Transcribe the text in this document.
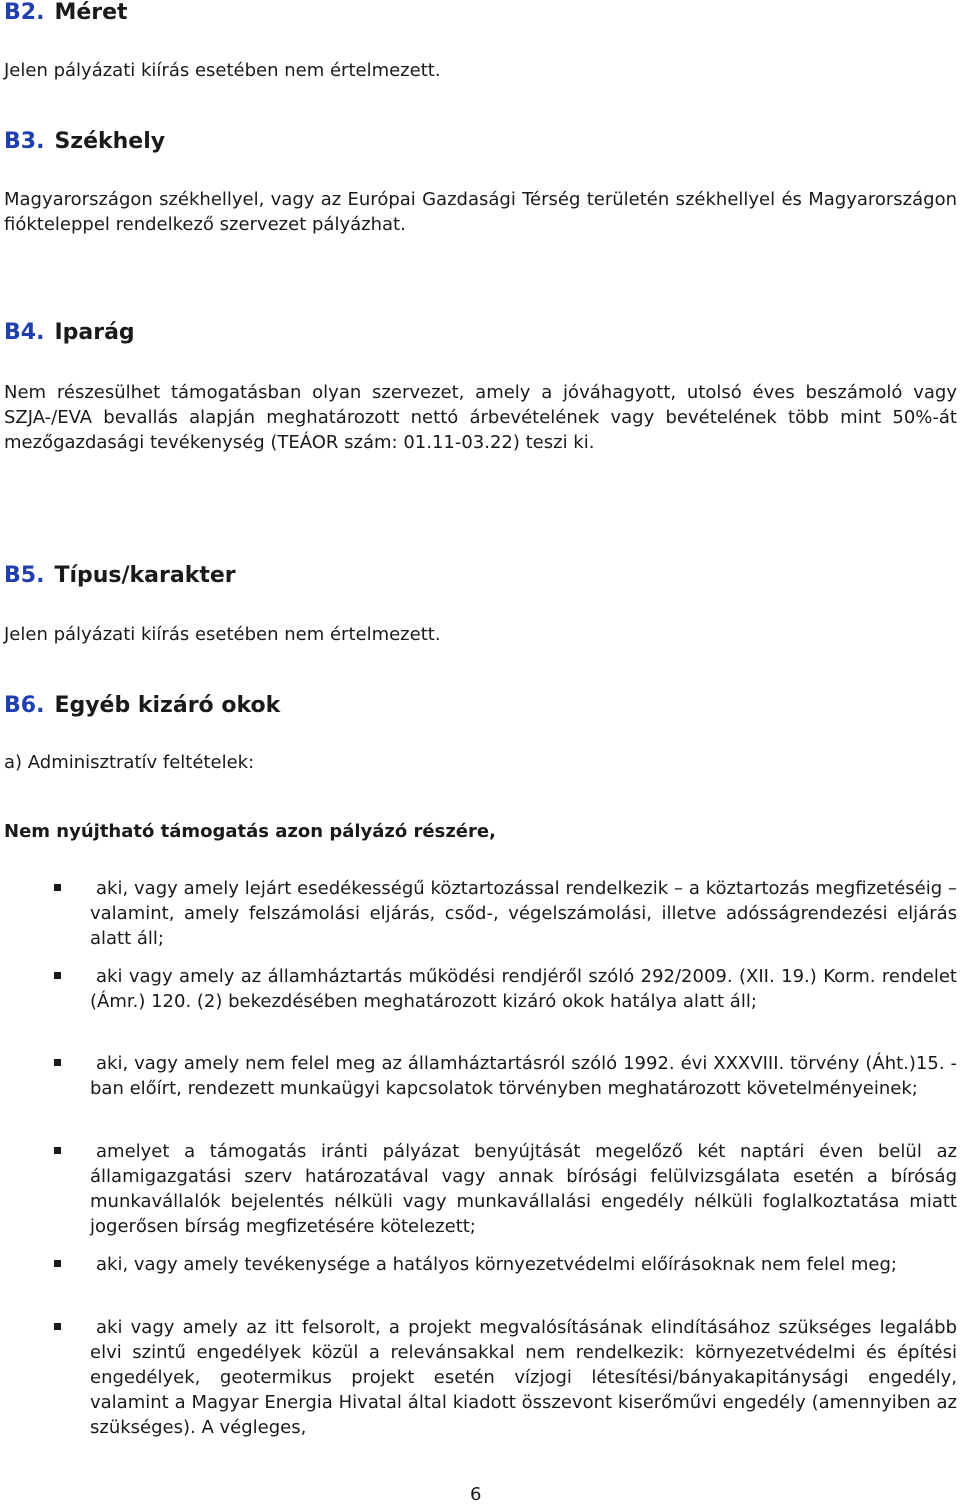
B2. Méret
Jelen pályázati kiírás esetében nem értelmezett.
B3. Székhely
Magyarországon székhellyel, vagy az Európai Gazdasági Térség területén székhellyel és Magyarországon fiókteleppel rendelkező szervezet pályázhat.
B4. Iparág
Nem részesülhet támogatásban olyan szervezet, amely a jóváhagyott, utolsó éves beszámoló vagy SZJA-/EVA bevallás alapján meghatározott nettó árbevételének vagy bevételének több mint 50%-át mezőgazdasági tevékenység (TEÁOR szám: 01.11-03.22) teszi ki.
B5. Típus/karakter
Jelen pályázati kiírás esetében nem értelmezett.
B6. Egyéb kizáró okok
a) Adminisztratív feltételek:
Nem nyújtható támogatás azon pályázó részére,
aki, vagy amely lejárt esedékességű köztartozással rendelkezik – a köztartozás megfizetéséig – valamint, amely felszámolási eljárás, csőd-, végelszámolási, illetve adósságrendezési eljárás alatt áll;
aki vagy amely az államháztartás működési rendjéről szóló 292/2009. (XII. 19.) Korm. rendelet (Ámr.) 120. (2) bekezdésében meghatározott kizáró okok hatálya alatt áll;
aki, vagy amely nem felel meg az államháztartásról szóló 1992. évi XXXVIII. törvény (Áht.)15. -ban előírt, rendezett munkaügyi kapcsolatok törvényben meghatározott követelményeinek;
amelyet a támogatás iránti pályázat benyújtását megelőző két naptári éven belül az államigazgatási szerv határozatával vagy annak bírósági felülvizsgálata esetén a bíróság munkavállalók bejelentés nélküli vagy munkavállalási engedély nélküli foglalkoztatása miatt jogerősen bírság megfizetésére kötelezett;
aki, vagy amely tevékenysége a hatályos környezetvédelmi előírásoknak nem felel meg;
aki vagy amely az itt felsorolt, a projekt megvalósításának elindításához szükséges legalább elvi szintű engedélyek közül a relevánsakkal nem rendelkezik: környezetvédelmi és építési engedélyek, geotermikus projekt esetén vízjogi létesítési/bányakapitánysági engedély, valamint a Magyar Energia Hivatal által kiadott összevont kiserőművi engedély (amennyiben az szükséges). A végleges,
6
